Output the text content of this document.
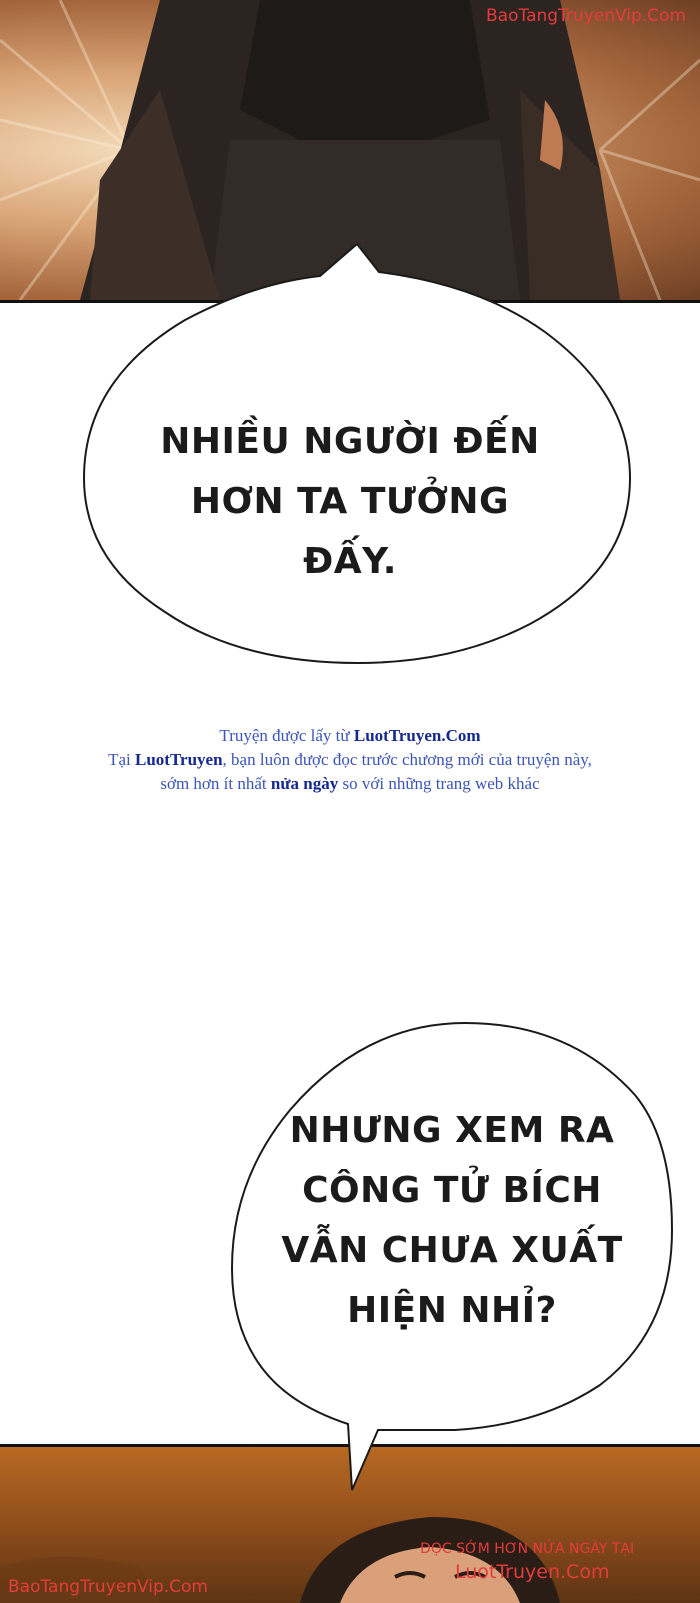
BaoTangTruyenVip.Com
NHIỀU NGƯỜI ĐẾN
HƠN TA TƯỞNG
ĐẤY.
Truyện được lấy từ LuotTruyen.Com
Tại LuotTruyen, bạn luôn được đọc trước chương mới của truyện này,
sớm hơn ít nhất nửa ngày so với những trang web khác
BaoTangTruyenVip.Com
ĐỌC SỚM HƠN NỬA NGÀY TẠI
LuotTruyen.Com
NHƯNG XEM RA
CÔNG TỬ BÍCH
VẪN CHƯA XUẤT
HIỆN NHỈ?
